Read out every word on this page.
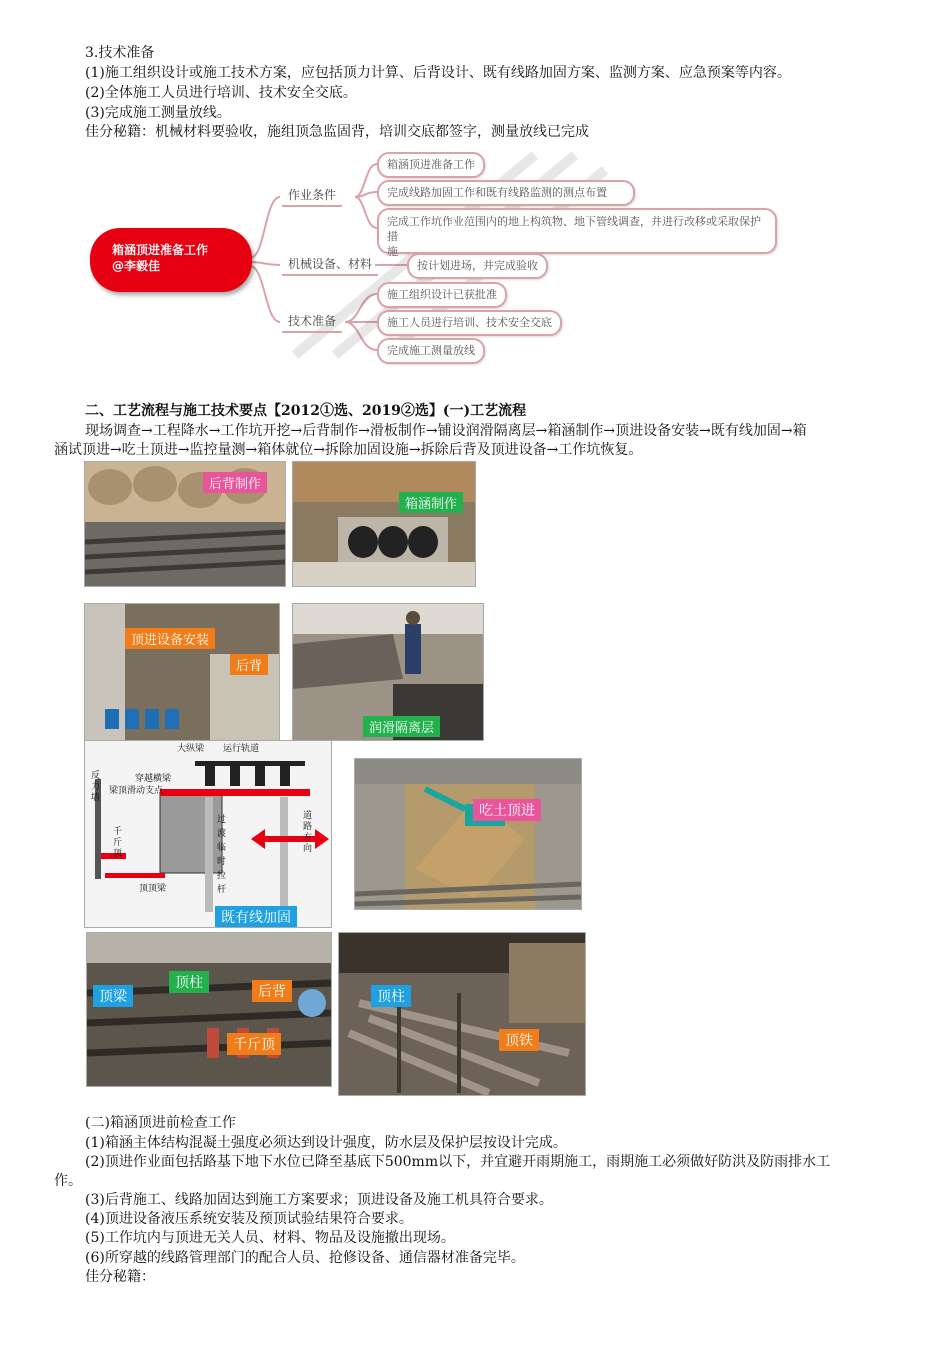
3.技术准备
(1)施工组织设计或施工技术方案，应包括顶力计算、后背设计、既有线路加固方案、监测方案、应急预案等内容。
(2)全体施工人员进行培训、技术安全交底。
(3)完成施工测量放线。
佳分秘籍：机械材料要验收，施组顶急监固背，培训交底都签字，测量放线已完成
箱涵顶进准备工作
@李毅佳
作业条件
箱涵顶进准备工作
完成线路加固工作和既有线路监测的测点布置
完成工作坑作业范围内的地上构筑物、地下管线调查，并进行改移或采取保护措
施
机械设备、材料	按计划进场，并完成验收
技术准备
施工组织设计已获批准
施工人员进行培训、技术安全交底
完成施工测量放线
二、工艺流程与施工技术要点【2012①选、2019②选】(一)工艺流程
现场调查→工程降水→工作坑开挖→后背制作→滑板制作→铺设润滑隔离层→箱涵制作→顶进设备安装→既有线加固→箱
涵试顶进→吃土顶进→监控量测→箱体就位→拆除加固设施→拆除后背及顶进设备→工作坑恢复。
后背制作
箱涵制作
顶进设备安装
后背
润滑隔离层
大纵梁 运行轨道
反力墙
千斤顶
梁顶滑动支点
穿越横梁
顶顶梁
过渡临时拉杆
道路方向
既有线加固
吃土顶进
顶梁
顶柱
后背
千斤顶
顶柱
顶铁
(二)箱涵顶进前检查工作
(1)箱涵主体结构混凝土强度必须达到设计强度，防水层及保护层按设计完成。
(2)顶进作业面包括路基下地下水位已降至基底下500mm以下，并宜避开雨期施工，雨期施工必须做好防洪及防雨排水工
作。
(3)后背施工、线路加固达到施工方案要求；顶进设备及施工机具符合要求。
(4)顶进设备液压系统安装及预顶试验结果符合要求。
(5)工作坑内与顶进无关人员、材料、物品及设施撤出现场。
(6)所穿越的线路管理部门的配合人员、抢修设备、通信器材准备完毕。
佳分秘籍：
